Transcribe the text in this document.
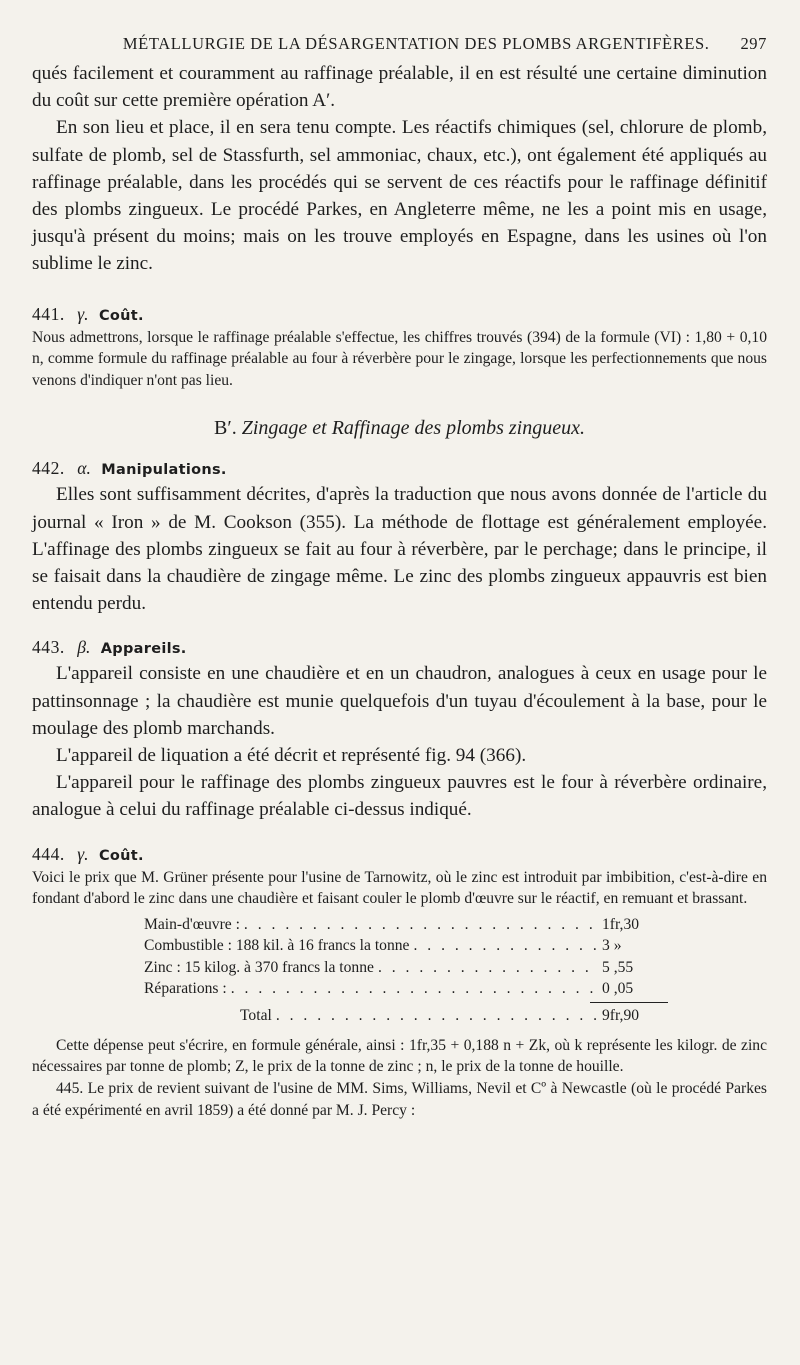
MÉTALLURGIE DE LA DÉSARGENTATION DES PLOMBS ARGENTIFÈRES.	297

qués facilement et couramment au raffinage préalable, il en est résulté une certaine diminution du coût sur cette première opération A′.

En son lieu et place, il en sera tenu compte. Les réactifs chimiques (sel, chlorure de plomb, sulfate de plomb, sel de Stassfurth, sel ammoniac, chaux, etc.), ont également été appliqués au raffinage préalable, dans les procédés qui se servent de ces réactifs pour le raffinage définitif des plombs zingueux. Le procédé Parkes, en Angleterre même, ne les a point mis en usage, jusqu'à présent du moins; mais on les trouve employés en Espagne, dans les usines où l'on sublime le zinc.

441. γ. Coût.

Nous admettrons, lorsque le raffinage préalable s'effectue, les chiffres trouvés (394) de la formule (VI) : 1,80 + 0,10 n, comme formule du raffinage préalable au four à réverbère pour le zingage, lorsque les perfectionnements que nous venons d'indiquer n'ont pas lieu.

B′. Zingage et Raffinage des plombs zingueux.
442. α. Manipulations.

Elles sont suffisamment décrites, d'après la traduction que nous avons donnée de l'article du journal « Iron » de M. Cookson (355). La méthode de flottage est généralement employée. L'affinage des plombs zingueux se fait au four à réverbère, par le perchage; dans le principe, il se faisait dans la chaudière de zingage même. Le zinc des plombs zingueux appauvris est bien entendu perdu.

443. β. Appareils.

L'appareil consiste en une chaudière et en un chaudron, analogues à ceux en usage pour le pattinsonnage ; la chaudière est munie quelquefois d'un tuyau d'écoulement à la base, pour le moulage des plomb marchands.

L'appareil de liquation a été décrit et représenté fig. 94 (366).

L'appareil pour le raffinage des plombs zingueux pauvres est le four à réverbère ordinaire, analogue à celui du raffinage préalable ci-dessus indiqué.

444. γ. Coût.

Voici le prix que M. Grüner présente pour l'usine de Tarnowitz, où le zinc est introduit par imbibition, c'est-à-dire en fondant d'abord le zinc dans une chaudière et faisant couler le plomb d'œuvre sur le réactif, en remuant et brassant.

Main-d'œuvre : . . .	1fr,30
Combustible : 188 kil. à 16 francs la tonne . . .	3 »
Zinc : 15 kilog. à 370 francs la tonne . . .	5 ,55
Réparations : . . .	0 ,05
Total . . .	9fr,90

Cette dépense peut s'écrire, en formule générale, ainsi : 1fr,35 + 0,188 n + Zk, où k représente les kilogr. de zinc nécessaires par tonne de plomb; Z, le prix de la tonne de zinc ; n, le prix de la tonne de houille.

445. Le prix de revient suivant de l'usine de MM. Sims, Williams, Nevil et Cº à Newcastle (où le procédé Parkes a été expérimenté en avril 1859) a été donné par M. J. Percy :
